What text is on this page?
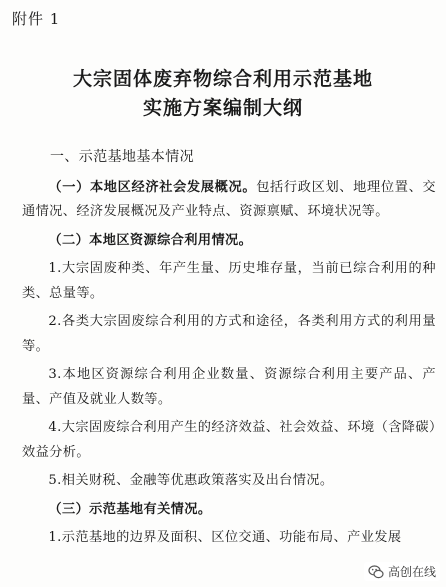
附件 1
大宗固体废弃物综合利用示范基地
实施方案编制大纲

一、示范基地基本情况

（一）本地区经济社会发展概况。包括行政区划、地理位置、交通情况、经济发展概况及产业特点、资源禀赋、环境状况等。

（二）本地区资源综合利用情况。

1.大宗固废种类、年产生量、历史堆存量，当前已综合利用的种类、总量等。

2.各类大宗固废综合利用的方式和途径，各类利用方式的利用量等。

3.本地区资源综合利用企业数量、资源综合利用主要产品、产量、产值及就业人数等。

4.大宗固废综合利用产生的经济效益、社会效益、环境（含降碳）效益分析。

5.相关财税、金融等优惠政策落实及出台情况。

（三）示范基地有关情况。

1.示范基地的边界及面积、区位交通、功能布局、产业发展

高创在线
